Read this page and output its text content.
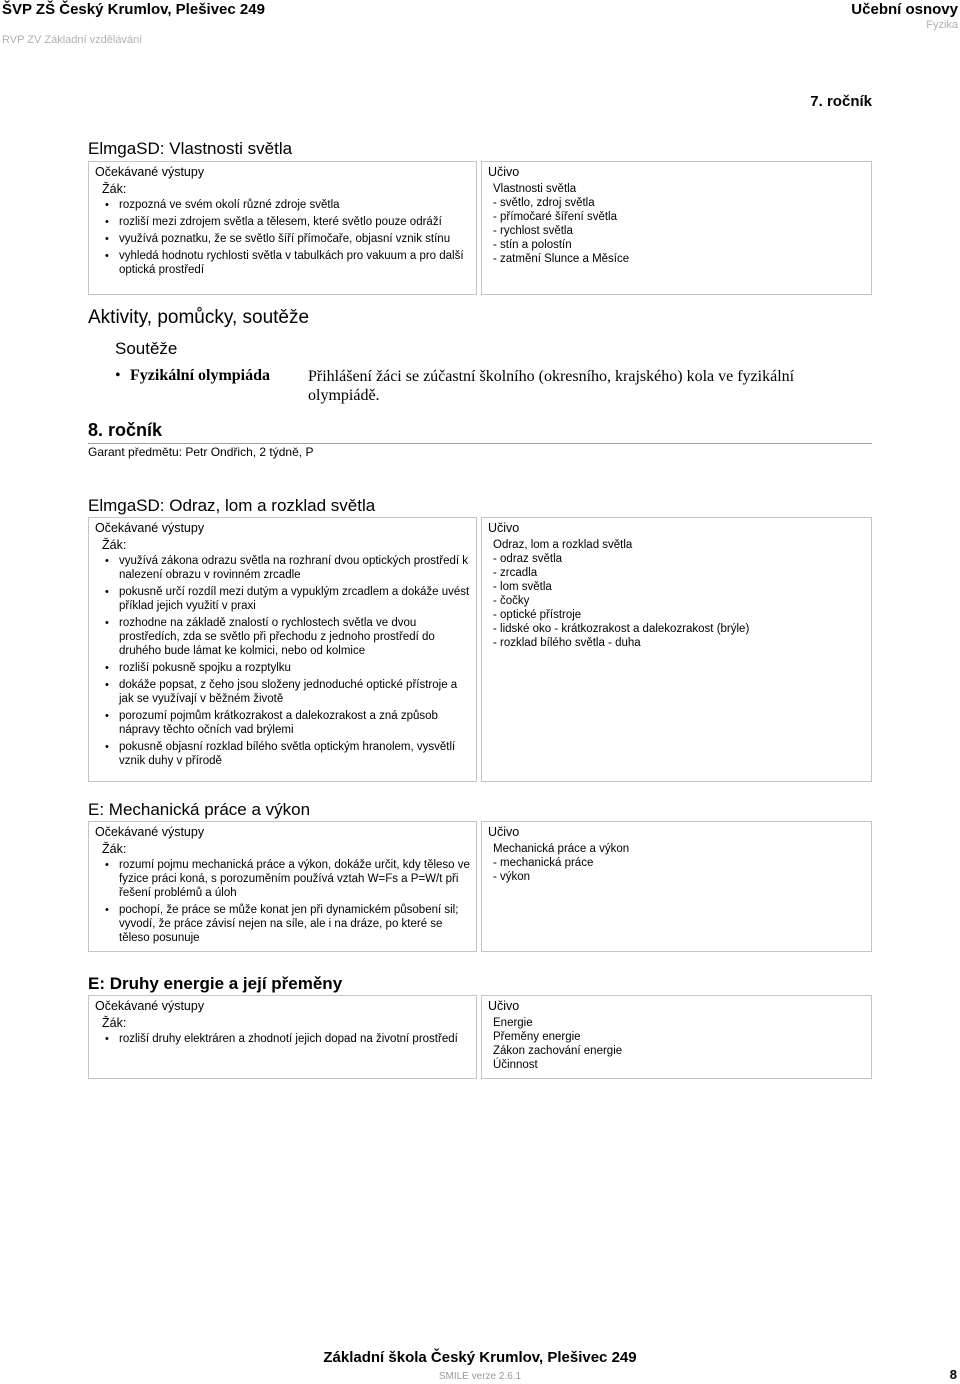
ŠVP ZŠ Český Krumlov, Plešivec 249
RVP ZV Základní vzdělávání
Učební osnovy
Fyzika
7. ročník
ElmgaSD: Vlastnosti světla
Očekávané výstupy
Žák:
• rozpozná ve svém okolí různé zdroje světla
• rozliší mezi zdrojem světla a tělesem, které světlo pouze odráží
• využívá poznatku, že se světlo šíří přímočaře, objasní vznik stínu
• vyhledá hodnotu rychlosti světla v tabulkách pro vakuum a pro další optická prostředí
Učivo
Vlastnosti světla
- světlo, zdroj světla
- přímočaré šíření světla
- rychlost světla
- stín a polostín
- zatmění Slunce a Měsíce
Aktivity, pomůcky, soutěže
Soutěže
• Fyzikální olympiáda Přihlášení žáci se zúčastní školního (okresního, krajského) kola ve fyzikální olympiádě.
8. ročník
Garant předmětu: Petr Ondřich, 2 týdně, P
ElmgaSD: Odraz, lom a rozklad světla
Očekávané výstupy
Žák:
• využívá zákona odrazu světla na rozhraní dvou optických prostředí k nalezení obrazu v rovinném zrcadle
• pokusně určí rozdíl mezi dutým a vypuklým zrcadlem a dokáže uvést příklad jejich využití v praxi
• rozhodne na základě znalostí o rychlostech světla ve dvou prostředích, zda se světlo při přechodu z jednoho prostředí do druhého bude lámat ke kolmici, nebo od kolmice
• rozliší pokusně spojku a rozptylku
• dokáže popsat, z čeho jsou složeny jednoduché optické přístroje a jak se využívají v běžném životě
• porozumí pojmům krátkozrakost a dalekozrakost a zná způsob nápravy těchto očních vad brýlemi
• pokusně objasní rozklad bílého světla optickým hranolem, vysvětlí vznik duhy v přírodě
Učivo
Odraz, lom a rozklad světla
- odraz světla
- zrcadla
- lom světla
- čočky
- optické přístroje
- lidské oko - krátkozrakost a dalekozrakost (brýle)
- rozklad bílého světla - duha
E: Mechanická práce a výkon
Očekávané výstupy
Žák:
• rozumí pojmu mechanická práce a výkon, dokáže určit, kdy těleso ve fyzice práci koná, s porozuměním používá vztah W=Fs a P=W/t při řešení problémů a úloh
• pochopí, že práce se může konat jen při dynamickém působení sil; vyvodí, že práce závisí nejen na síle, ale i na dráze, po které se těleso posunuje
Učivo
Mechanická práce a výkon
- mechanická práce
- výkon
E: Druhy energie a její přeměny
Očekávané výstupy
Žák:
• rozliší druhy elektráren a zhodnotí jejich dopad na životní prostředí
Učivo
Energie
Přeměny energie
Zákon zachování energie
Účinnost
Základní škola Český Krumlov, Plešivec 249
SMILE verze 2.6.1	8
